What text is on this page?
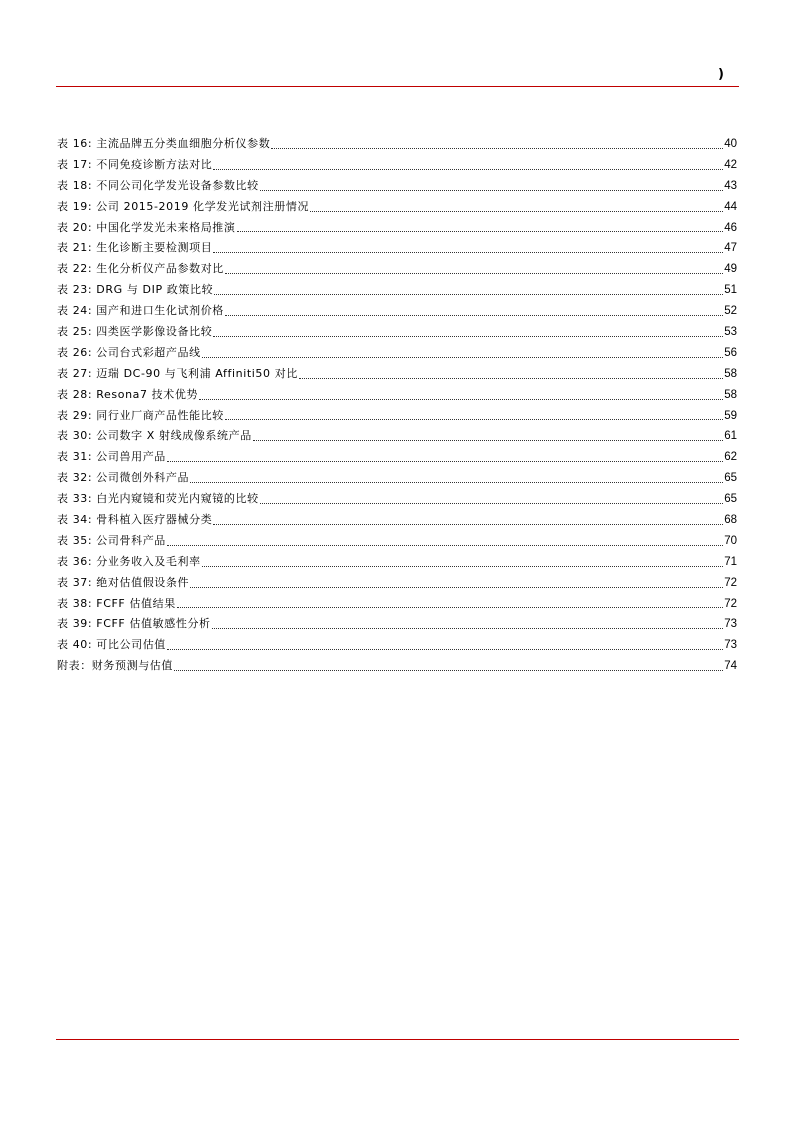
)
表 16: 主流品牌五分类血细胞分析仪参数	40
表 17: 不同免疫诊断方法对比	42
表 18: 不同公司化学发光设备参数比较	43
表 19: 公司 2015-2019 化学发光试剂注册情况	44
表 20: 中国化学发光未来格局推演	46
表 21: 生化诊断主要检测项目	47
表 22: 生化分析仪产品参数对比	49
表 23: DRG 与 DIP 政策比较	51
表 24: 国产和进口生化试剂价格	52
表 25: 四类医学影像设备比较	53
表 26: 公司台式彩超产品线	56
表 27: 迈瑞 DC-90 与飞利浦 Affiniti50 对比	58
表 28: Resona7 技术优势	58
表 29: 同行业厂商产品性能比较	59
表 30: 公司数字 X 射线成像系统产品	61
表 31: 公司兽用产品	62
表 32: 公司微创外科产品	65
表 33: 白光内窥镜和荧光内窥镜的比较	65
表 34: 骨科植入医疗器械分类	68
表 35: 公司骨科产品	70
表 36: 分业务收入及毛利率	71
表 37: 绝对估值假设条件	72
表 38: FCFF 估值结果	72
表 39: FCFF 估值敏感性分析	73
表 40: 可比公司估值	73
附表：财务预测与估值	74
